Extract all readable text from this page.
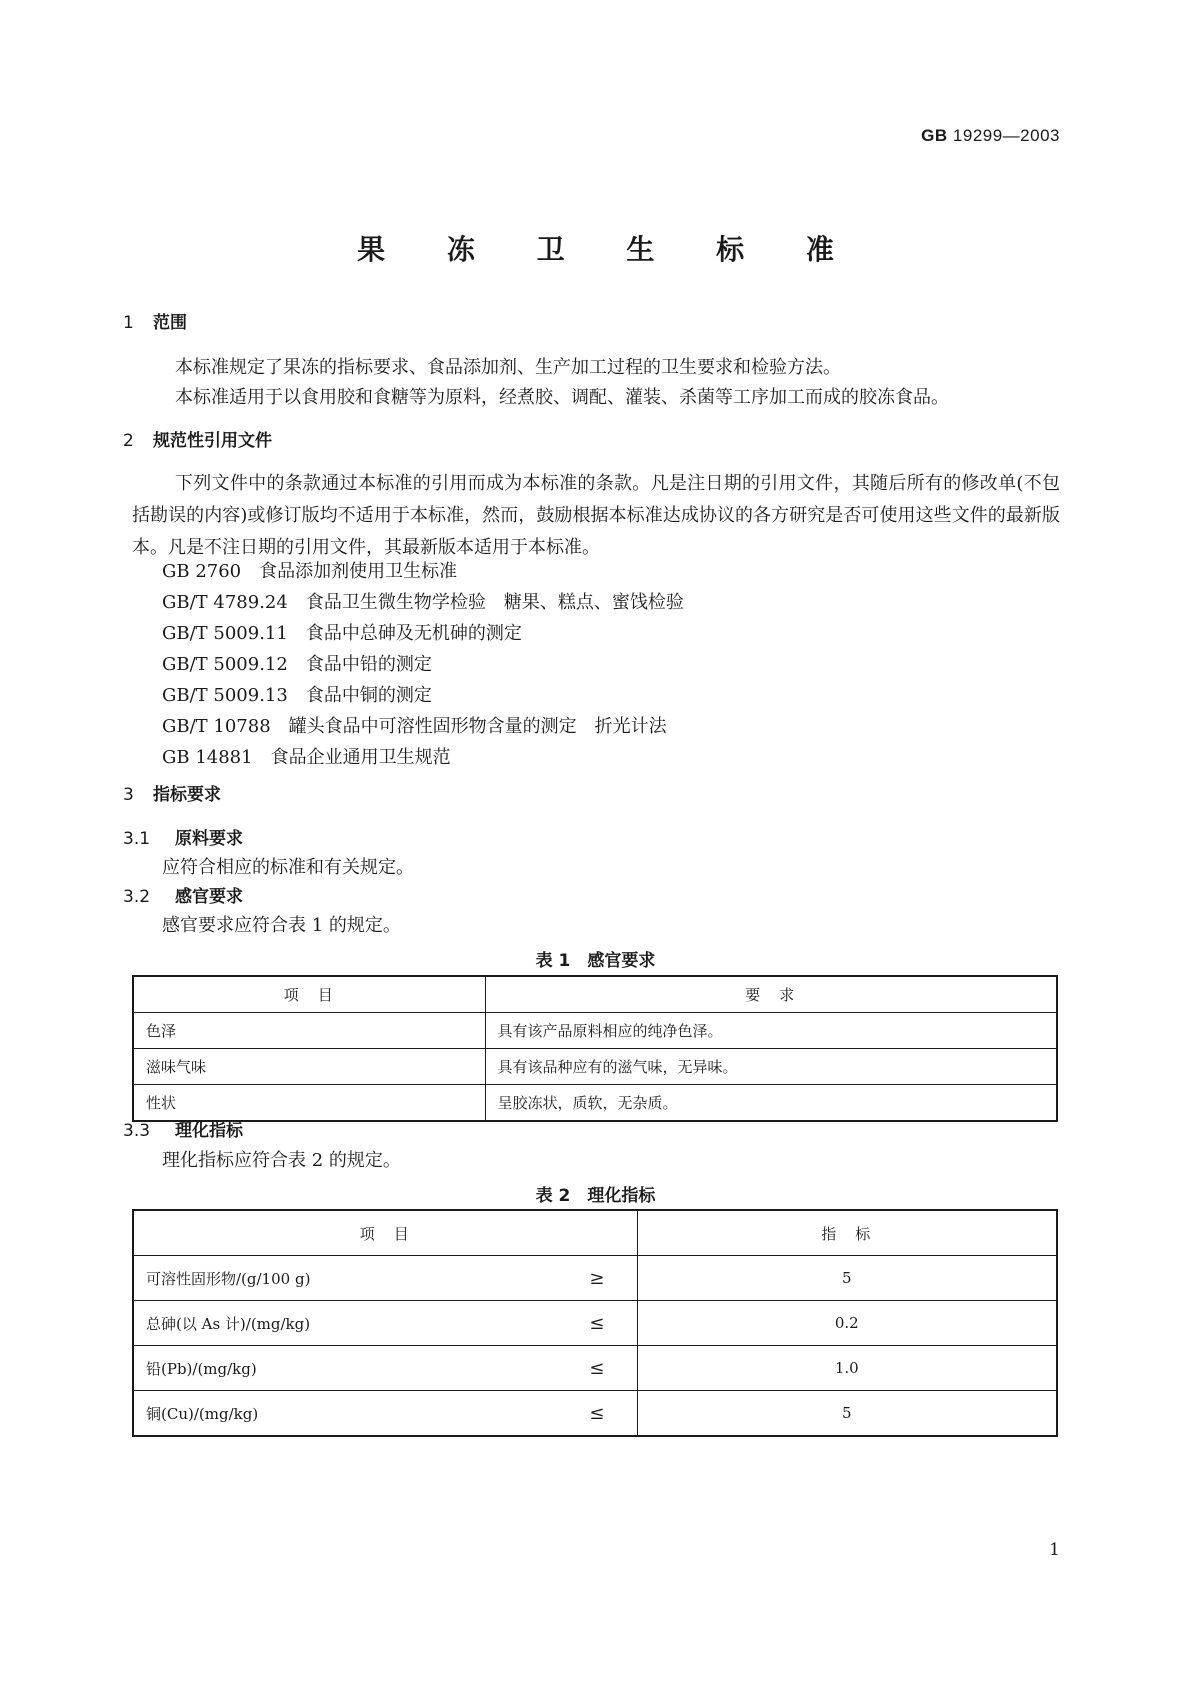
GB 19299—2003
果 冻 卫 生 标 准
1 范围
本标准规定了果冻的指标要求、食品添加剂、生产加工过程的卫生要求和检验方法。
本标准适用于以食用胶和食糖等为原料，经煮胶、调配、灌装、杀菌等工序加工而成的胶冻食品。
2 规范性引用文件
下列文件中的条款通过本标准的引用而成为本标准的条款。凡是注日期的引用文件，其随后所有的修改单(不包括勘误的内容)或修订版均不适用于本标准，然而，鼓励根据本标准达成协议的各方研究是否可使用这些文件的最新版本。凡是不注日期的引用文件，其最新版本适用于本标准。
GB 2760　食品添加剂使用卫生标准
GB/T 4789.24　食品卫生微生物学检验　糖果、糕点、蜜饯检验
GB/T 5009.11　食品中总砷及无机砷的测定
GB/T 5009.12　食品中铅的测定
GB/T 5009.13　食品中铜的测定
GB/T 10788　罐头食品中可溶性固形物含量的测定　折光计法
GB 14881　食品企业通用卫生规范
3 指标要求
3.1 原料要求
应符合相应的标准和有关规定。
3.2 感官要求
感官要求应符合表 1 的规定。
表 1　感官要求
项　目	要　求
色泽	具有该产品原料相应的纯净色泽。
滋味气味	具有该品种应有的滋气味，无异味。
性状	呈胶冻状，质软，无杂质。
3.3 理化指标
理化指标应符合表 2 的规定。
表 2　理化指标
项　目	指　标
可溶性固形物/(g/100 g) ≥	5
总砷(以 As 计)/(mg/kg) ≤	0.2
铅(Pb)/(mg/kg) ≤	1.0
铜(Cu)/(mg/kg) ≤	5
1
